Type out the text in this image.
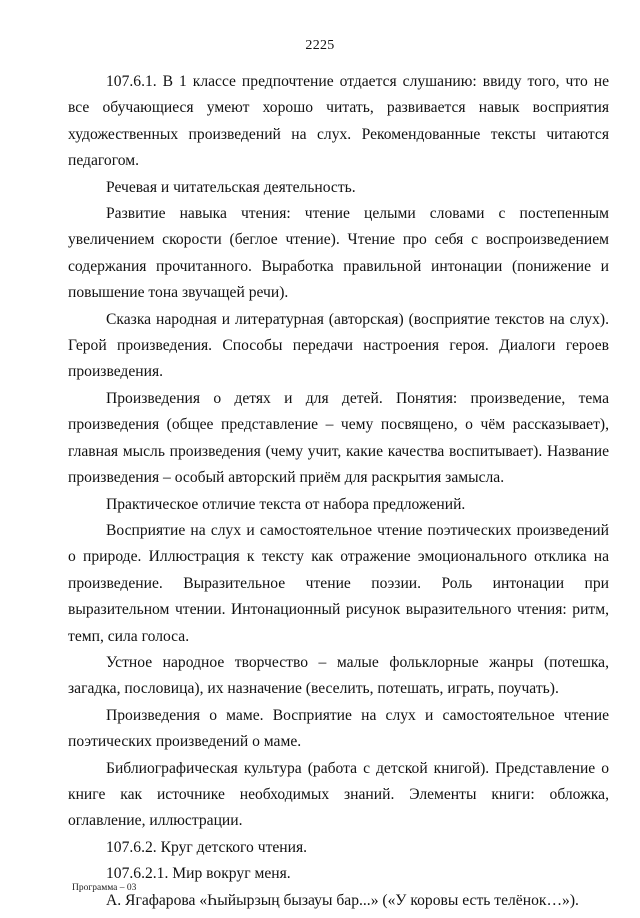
2225

107.6.1. В 1 классе предпочтение отдается слушанию: ввиду того, что не все обучающиеся умеют хорошо читать, развивается навык восприятия художественных произведений на слух. Рекомендованные тексты читаются педагогом.

Речевая и читательская деятельность.

Развитие навыка чтения: чтение целыми словами с постепенным увеличением скорости (беглое чтение). Чтение про себя с воспроизведением содержания прочитанного. Выработка правильной интонации (понижение и повышение тона звучащей речи).

Сказка народная и литературная (авторская) (восприятие текстов на слух). Герой произведения. Способы передачи настроения героя. Диалоги героев произведения.

Произведения о детях и для детей. Понятия: произведение, тема произведения (общее представление – чему посвящено, о чём рассказывает), главная мысль произведения (чему учит, какие качества воспитывает). Название произведения – особый авторский приём для раскрытия замысла.

Практическое отличие текста от набора предложений.

Восприятие на слух и самостоятельное чтение поэтических произведений о природе. Иллюстрация к тексту как отражение эмоционального отклика на произведение. Выразительное чтение поэзии. Роль интонации при выразительном чтении. Интонационный рисунок выразительного чтения: ритм, темп, сила голоса.

Устное народное творчество – малые фольклорные жанры (потешка, загадка, пословица), их назначение (веселить, потешать, играть, поучать).

Произведения о маме. Восприятие на слух и самостоятельное чтение поэтических произведений о маме.

Библиографическая культура (работа с детской книгой). Представление о книге как источнике необходимых знаний. Элементы книги: обложка, оглавление, иллюстрации.

107.6.2. Круг детского чтения.

107.6.2.1. Мир вокруг меня.

А. Ягафарова «Һыйырзың бызауы бар...» («У коровы есть телёнок…»).

Программа – 03
